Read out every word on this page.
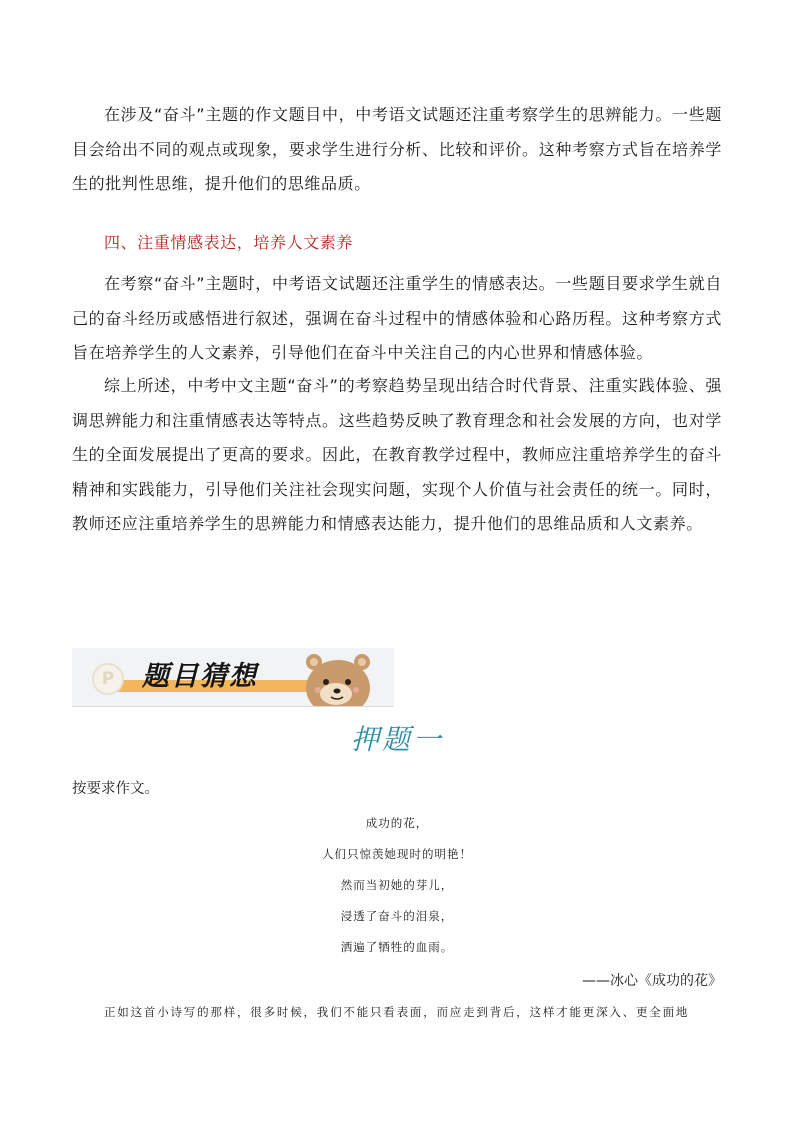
在涉及“奋斗”主题的作文题目中，中考语文试题还注重考察学生的思辨能力。一些题目会给出不同的观点或现象，要求学生进行分析、比较和评价。这种考察方式旨在培养学生的批判性思维，提升他们的思维品质。

四、注重情感表达，培养人文素养

在考察“奋斗”主题时，中考语文试题还注重学生的情感表达。一些题目要求学生就自己的奋斗经历或感悟进行叙述，强调在奋斗过程中的情感体验和心路历程。这种考察方式旨在培养学生的人文素养，引导他们在奋斗中关注自己的内心世界和情感体验。

综上所述，中考中文主题“奋斗”的考察趋势呈现出结合时代背景、注重实践体验、强调思辨能力和注重情感表达等特点。这些趋势反映了教育理念和社会发展的方向，也对学生的全面发展提出了更高的要求。因此，在教育教学过程中，教师应注重培养学生的奋斗精神和实践能力，引导他们关注社会现实问题，实现个人价值与社会责任的统一。同时，教师还应注重培养学生的思辨能力和情感表达能力，提升他们的思维品质和人文素养。

P	题目猜想
押题一

按要求作文。

成功的花，

人们只惊羡她现时的明艳！

然而当初她的芽儿，

浸透了奋斗的泪泉，

洒遍了牺牲的血雨。

——冰心《成功的花》

正如这首小诗写的那样，很多时候，我们不能只看表面，而应走到背后，这样才能更深入、更全面地
